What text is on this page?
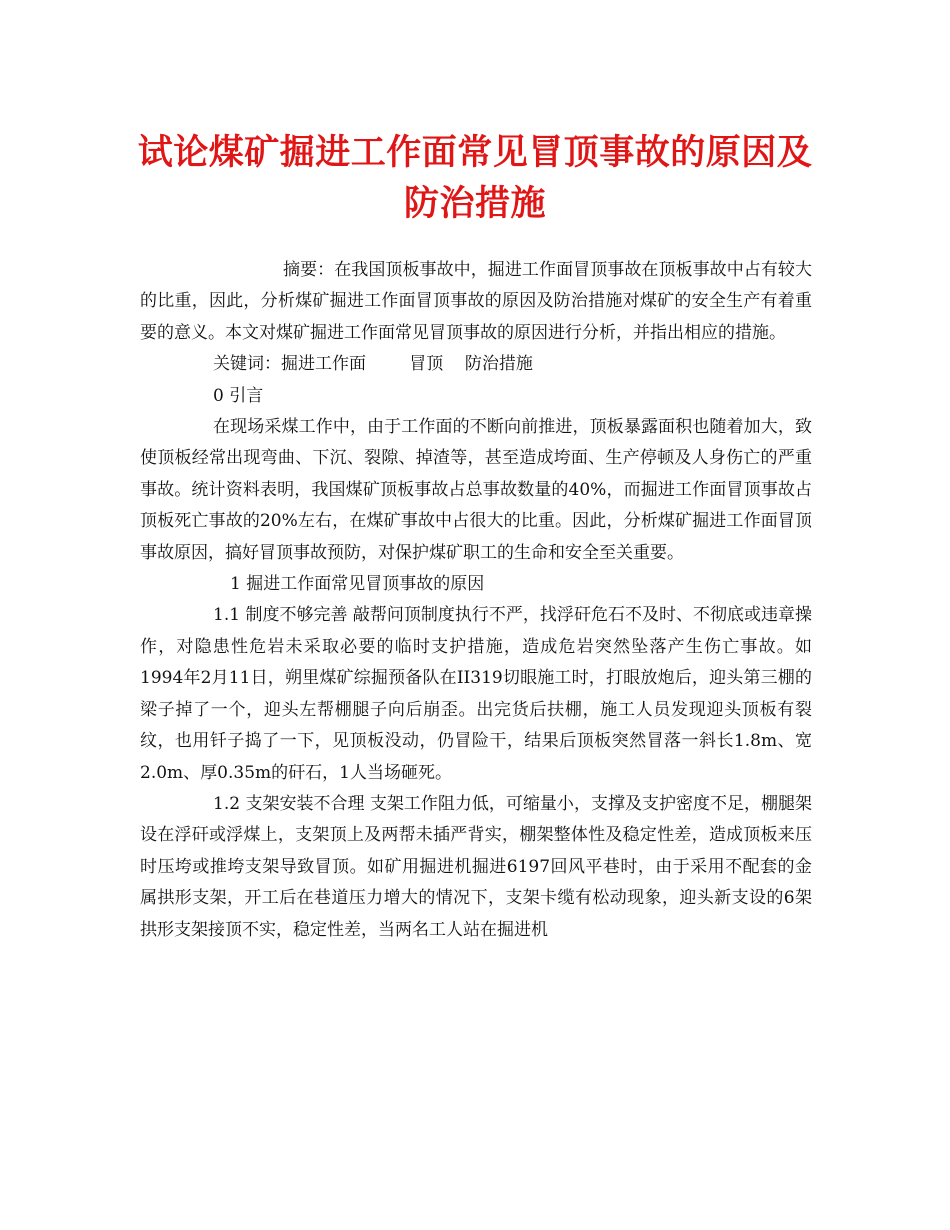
试论煤矿掘进工作面常见冒顶事故的原因及
防治措施

摘要：在我国顶板事故中，掘进工作面冒顶事故在顶板事故中占有较大的比重，因此，分析煤矿掘进工作面冒顶事故的原因及防治措施对煤矿的安全生产有着重要的意义。本文对煤矿掘进工作面常见冒顶事故的原因进行分析，并指出相应的措施。

关键词：掘进工作面	冒顶 防治措施

0 引言

在现场采煤工作中，由于工作面的不断向前推进，顶板暴露面积也随着加大，致使顶板经常出现弯曲、下沉、裂隙、掉渣等，甚至造成垮面、生产停顿及人身伤亡的严重事故。统计资料表明，我国煤矿顶板事故占总事故数量的40%，而掘进工作面冒顶事故占顶板死亡事故的20%左右，在煤矿事故中占很大的比重。因此，分析煤矿掘进工作面冒顶事故原因，搞好冒顶事故预防，对保护煤矿职工的生命和安全至关重要。

1 掘进工作面常见冒顶事故的原因

1.1 制度不够完善 敲帮问顶制度执行不严，找浮矸危石不及时、不彻底或违章操作，对隐患性危岩未采取必要的临时支护措施，造成危岩突然坠落产生伤亡事故。如1994年2月11日，朔里煤矿综掘预备队在II319切眼施工时，打眼放炮后，迎头第三棚的梁子掉了一个，迎头左帮棚腿子向后崩歪。出完货后扶棚，施工人员发现迎头顶板有裂纹，也用钎子捣了一下，见顶板没动，仍冒险干，结果后顶板突然冒落一斜长1.8m、宽2.0m、厚0.35m的矸石，1人当场砸死。

1.2 支架安装不合理 支架工作阻力低，可缩量小，支撑及支护密度不足，棚腿架设在浮矸或浮煤上，支架顶上及两帮未插严背实，棚架整体性及稳定性差，造成顶板来压时压垮或推垮支架导致冒顶。如矿用掘进机掘进6197回风平巷时，由于采用不配套的金属拱形支架，开工后在巷道压力增大的情况下，支架卡缆有松动现象，迎头新支设的6架拱形支架接顶不实，稳定性差，当两名工人站在掘进机
